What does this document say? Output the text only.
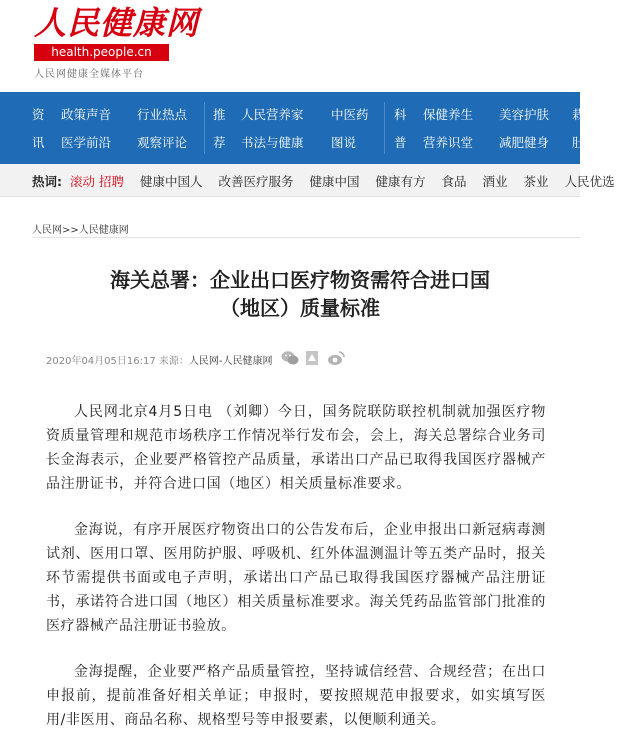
人民健康网
health.people.cn
人民网健康全媒体平台
资
讯
政策声音
医学前沿
行业热点
观察评论
推
荐
人民营养家
书法与健康
中医药
图说
科
普
保健养生
营养识堂
美容护肤
减肥健身
栽
肚
热词: 滚动 招聘 健康中国人 改善医疗服务 健康中国 健康有方 食品 酒业 茶业 人民优选
人民网>>人民健康网
海关总署：企业出口医疗物资需符合进口国
（地区）质量标准
2020年04月05日16:17 来源：人民网-人民健康网

人民网北京4月5日电 （刘卿）今日，国务院联防联控机制就加强医疗物资质量管理和规范市场秩序工作情况举行发布会，会上，海关总署综合业务司长金海表示，企业要严格管控产品质量，承诺出口产品已取得我国医疗器械产品注册证书，并符合进口国（地区）相关质量标准要求。

金海说，有序开展医疗物资出口的公告发布后，企业申报出口新冠病毒测试剂、医用口罩、医用防护服、呼吸机、红外体温测温计等五类产品时，报关环节需提供书面或电子声明，承诺出口产品已取得我国医疗器械产品注册证书，承诺符合进口国（地区）相关质量标准要求。海关凭药品监管部门批准的医疗器械产品注册证书验放。

金海提醒，企业要严格产品质量管控，坚持诚信经营、合规经营；在出口申报前，提前准备好相关单证；申报时，要按照规范申报要求，如实填写医用/非医用、商品名称、规格型号等申报要素，以便顺利通关。
